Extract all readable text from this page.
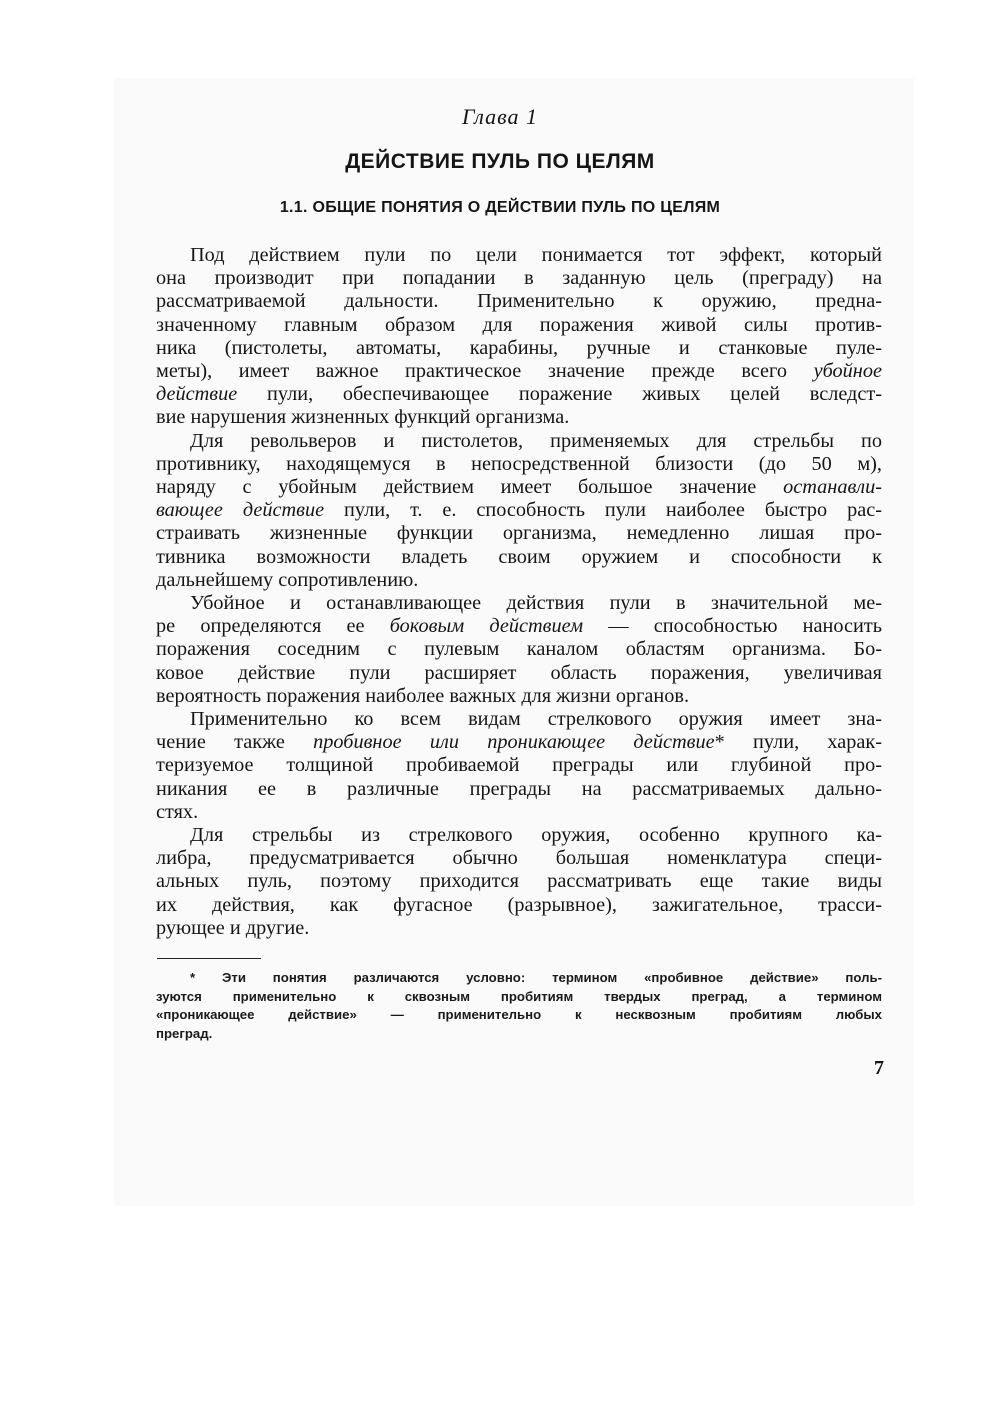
Глава 1
ДЕЙСТВИЕ ПУЛЬ ПО ЦЕЛЯМ
1.1. ОБЩИЕ ПОНЯТИЯ О ДЕЙСТВИИ ПУЛЬ ПО ЦЕЛЯМ

Под действием пули по цели понимается тот эффект, который
она производит при попадании в заданную цель (преграду) на
рассматриваемой дальности. Применительно к оружию, предна-
значенному главным образом для поражения живой силы против-
ника (пистолеты, автоматы, карабины, ручные и станковые пуле-
меты), имеет важное практическое значение прежде всего убойное
действие пули, обеспечивающее поражение живых целей вследст-
вие нарушения жизненных функций организма.

Для револьверов и пистолетов, применяемых для стрельбы по
противнику, находящемуся в непосредственной близости (до 50 м),
наряду с убойным действием имеет большое значение останавли-
вающее действие пули, т. е. способность пули наиболее быстро рас-
страивать жизненные функции организма, немедленно лишая про-
тивника возможности владеть своим оружием и способности к
дальнейшему сопротивлению.

Убойное и останавливающее действия пули в значительной ме-
ре определяются ее боковым действием — способностью наносить
поражения соседним с пулевым каналом областям организма. Бо-
ковое действие пули расширяет область поражения, увеличивая
вероятность поражения наиболее важных для жизни органов.

Применительно ко всем видам стрелкового оружия имеет зна-
чение также пробивное или проникающее действие* пули, харак-
теризуемое толщиной пробиваемой преграды или глубиной про-
никания ее в различные преграды на рассматриваемых дально-
стях.

Для стрельбы из стрелкового оружия, особенно крупного ка-
либра, предусматривается обычно большая номенклатура специ-
альных пуль, поэтому приходится рассматривать еще такие виды
их действия, как фугасное (разрывное), зажигательное, трасси-
рующее и другие.

* Эти понятия различаются условно: термином «пробивное действие» поль-
зуются применительно к сквозным пробитиям твердых преград, а термином
«проникающее действие» — применительно к несквозным пробитиям любых
преград.
7
